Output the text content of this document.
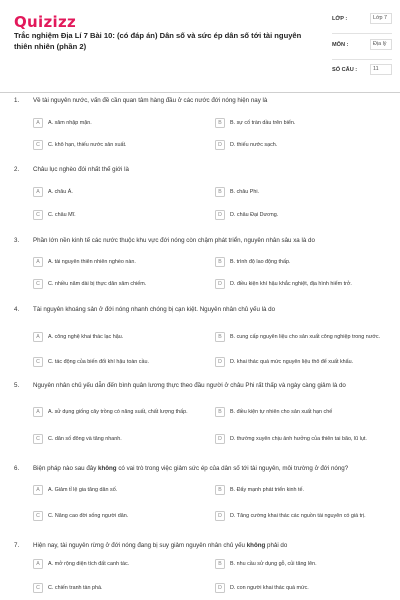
Quizizz
Trắc nghiệm Địa Lí 7 Bài 10: (có đáp án) Dân số và sức ép dân số tới tài nguyên thiên nhiên (phần 2)
LỚP :	Lớp 7
MÔN :	Địa lý
SỐ CÂU :	11
1. Về tài nguyên nước, vấn đề cần quan tâm hàng đầu ở các nước đới nóng hiện nay là
A	A. xâm nhập mặn.	B	B. sự cố tràn dầu trên biển.
C	C. khô hạn, thiếu nước sản xuất.	D	D. thiếu nước sạch.
2. Châu lục nghèo đói nhất thế giới là
A	A. châu Á.	B	B. châu Phi.
C	C. châu Mĩ.	D	D. châu Đại Dương.
3. Phần lớn nền kinh tế các nước thuộc khu vực đới nóng còn chậm phát triển, nguyên nhân sâu xa là do
A	A. tài nguyên thiên nhiên nghèo nàn.	B	B. trình độ lao động thấp.
C	C. nhiều năm dài bị thực dân xâm chiếm.	D	D. điều kiện khí hậu khắc nghiệt, địa hình hiểm trở.
4. Tài nguyên khoáng sản ở đới nóng nhanh chóng bị cạn kiệt. Nguyên nhân chủ yếu là do
A	A. công nghệ khai thác lạc hậu.	B	B. cung cấp nguyên liệu cho sản xuất công nghiệp trong nước.
C	C. tác động của biến đổi khí hậu toàn cầu.	D	D. khai thác quá mức nguyên liệu thô để xuất khẩu.
5. Nguyên nhân chủ yếu dẫn đến bình quân lương thực theo đầu người ở châu Phi rất thấp và ngày càng giảm là do
A	A. sử dụng giống cây trồng có năng suất, chất lượng thấp.	B	B. điều kiện tự nhiên cho sản xuất hạn chế
C	C. dân số đông và tăng nhanh.	D	D. thường xuyên chịu ảnh hưởng của thiên tai bão, lũ lụt.
6. Biện pháp nào sau đây không có vai trò trong việc giảm sức ép của dân số tới tài nguyên, môi trường ở đới nóng?
A	A. Giảm tỉ lệ gia tăng dân số.	B	B. Đẩy mạnh phát triển kinh tế.
C	C. Nâng cao đời sống người dân.	D	D. Tăng cường khai thác các nguồn tài nguyên có giá trị.
7. Hiện nay, tài nguyên rừng ở đới nóng đang bị suy giảm nguyên nhân chủ yếu không phải do
A	A. mở rộng diện tích đất canh tác.	B	B. nhu cầu sử dụng gỗ, củi tăng lên.
C	C. chiến tranh tàn phá.	D	D. con người khai thác quá mức.
